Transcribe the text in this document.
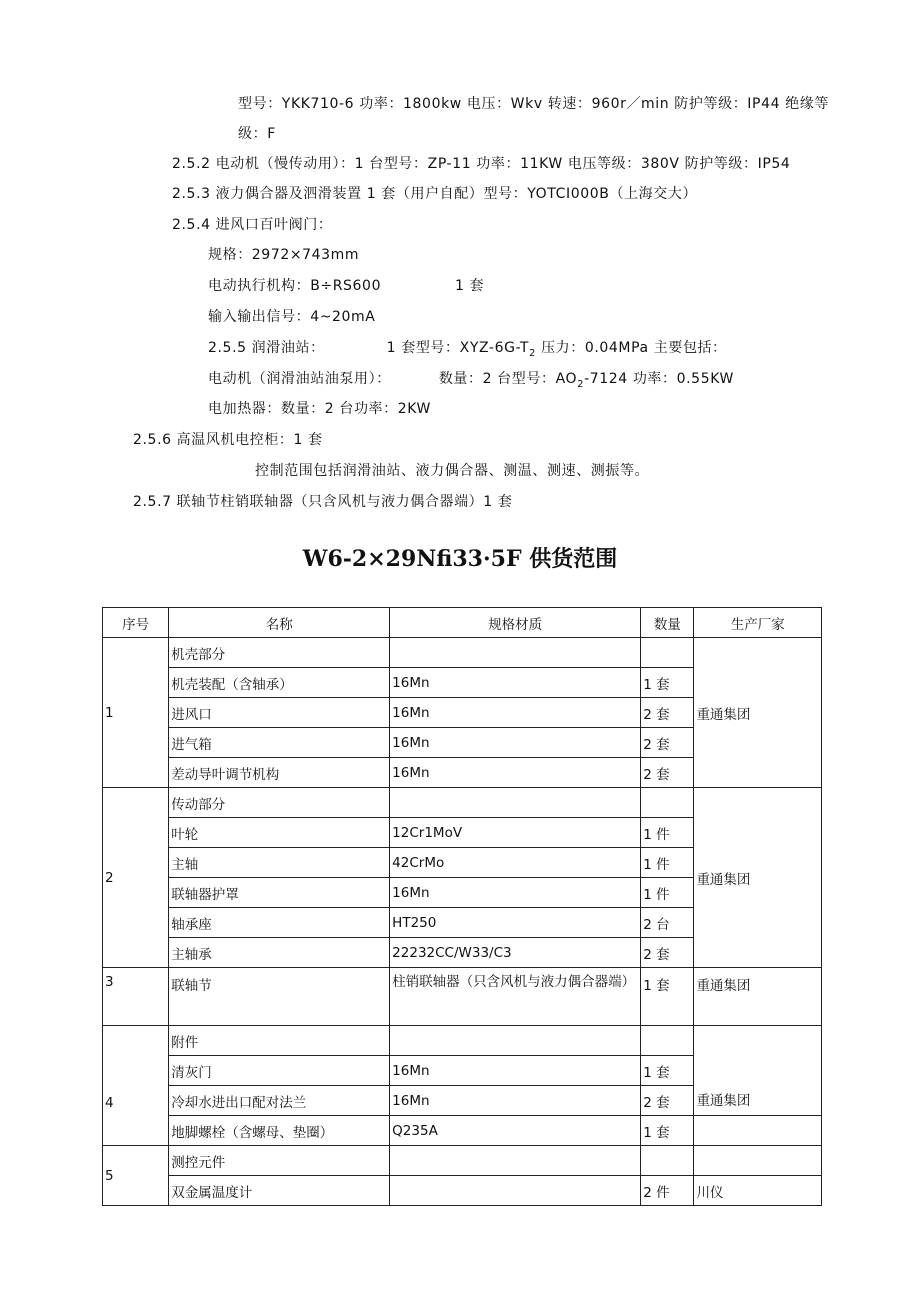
型号：YKK710-6 功率：1800kw 电压：Wkv 转速：960r／min 防护等级：IP44 绝缘等
级：F
2.5.2 电动机（慢传动用）：1 台型号：ZP-11 功率：11KW 电压等级：380V 防护等级：IP54
2.5.3 液力偶合器及泗滑装置 1 套（用户自配）型号：YOTCI000B（上海交大）
2.5.4 进风口百叶阀门：
规格：2972×743mm
电动执行机构：B÷RS600	1 套
输入输出信号：4~20mA
2.5.5 润滑油站：	1 套型号：XYZ-$6G-T_2$ 压力：0.04MPa 主要包括：
电动机（润滑油站油泵用）：	数量：2 台型号：$AO_2-7124$ 功率：0.55KW
电加热器：数量：2 台功率：2KW
2.5.6 高温风机电控柜：1 套
控制范围包括润滑油站、液力偶合器、测温、测速、测振等。
2.5.7 联轴节柱销联轴器（只含风机与液力偶合器端）1 套
W6-2×29Nfi33·5F 供货范围
序号	名称	规格材质	数量	生产厂家
1	机壳部分			重通集团
	机壳装配（含轴承）	16Mn	1 套	
	进风口	16Mn	2 套	
	进气箱	16Mn	2 套	
	差动导叶调节机构	16Mn	2 套	
2	传动部分			重通集团
	叶轮	12Cr1MoV	1 件	
	主轴	42CrMo	1 件	
	联轴器护罩	16Mn	1 件	
	轴承座	HT250	2 台	
	主轴承	22232CC/W33/C3	2 套	
3	联轴节	柱销联轴器（只含风机与液力偶合器端）	1 套	重通集团
4	附件			重通集团
	清灰门	16Mn	1 套	
	冷却水进出口配对法兰	16Mn	2 套	
	地脚螺栓（含螺母、垫圈）	Q235A	1 套	
5	测控元件			
	双金属温度计		2 件	川仪
